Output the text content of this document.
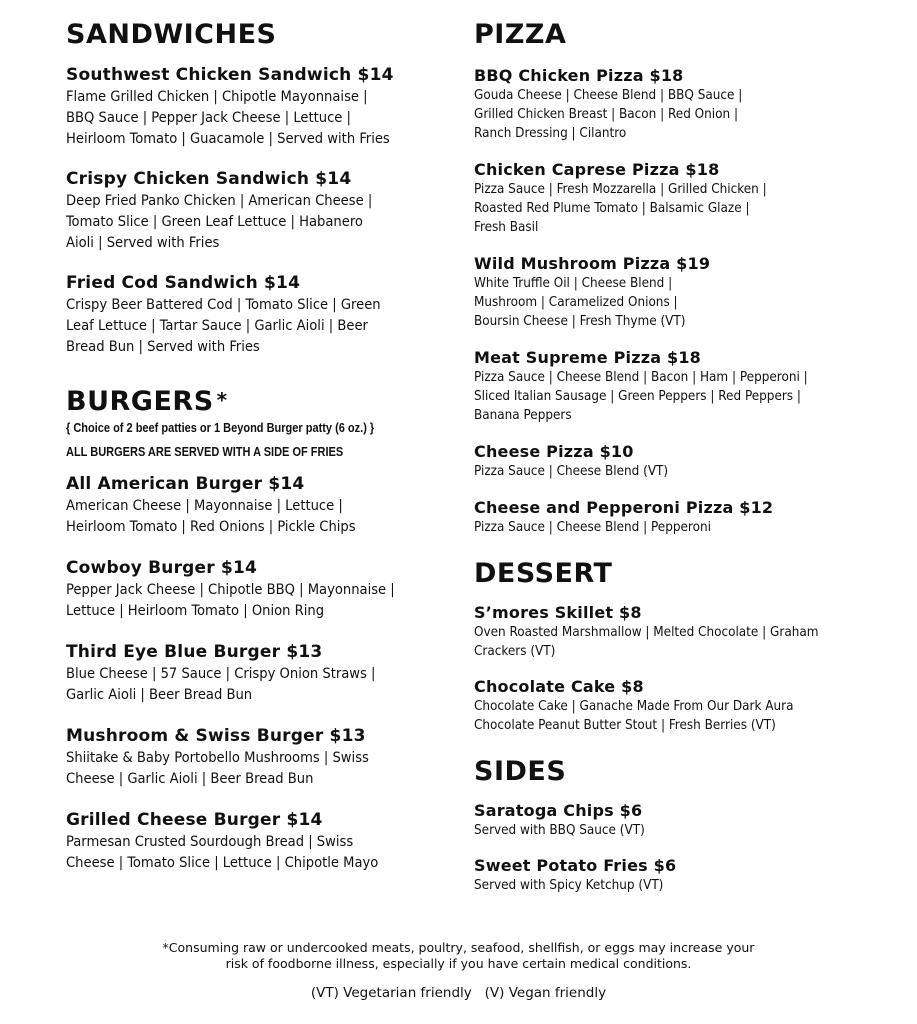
SANDWICHES
Southwest Chicken Sandwich $14
Flame Grilled Chicken | Chipotle Mayonnaise |
BBQ Sauce | Pepper Jack Cheese | Lettuce |
Heirloom Tomato | Guacamole | Served with Fries
Crispy Chicken Sandwich $14
Deep Fried Panko Chicken | American Cheese |
Tomato Slice | Green Leaf Lettuce | Habanero
Aioli | Served with Fries
Fried Cod Sandwich $14
Crispy Beer Battered Cod | Tomato Slice | Green
Leaf Lettuce | Tartar Sauce | Garlic Aioli | Beer
Bread Bun | Served with Fries
BURGERS *
{ Choice of 2 beef patties or 1 Beyond Burger patty (6 oz.) }
ALL BURGERS ARE SERVED WITH A SIDE OF FRIES
All American Burger $14
American Cheese | Mayonnaise | Lettuce |
Heirloom Tomato | Red Onions | Pickle Chips
Cowboy Burger $14
Pepper Jack Cheese | Chipotle BBQ | Mayonnaise |
Lettuce | Heirloom Tomato | Onion Ring
Third Eye Blue Burger $13
Blue Cheese | 57 Sauce | Crispy Onion Straws |
Garlic Aioli | Beer Bread Bun
Mushroom & Swiss Burger $13
Shiitake & Baby Portobello Mushrooms | Swiss
Cheese | Garlic Aioli | Beer Bread Bun
Grilled Cheese Burger $14
Parmesan Crusted Sourdough Bread | Swiss
Cheese | Tomato Slice | Lettuce | Chipotle Mayo
PIZZA
BBQ Chicken Pizza $18
Gouda Cheese | Cheese Blend | BBQ Sauce |
Grilled Chicken Breast | Bacon | Red Onion |
Ranch Dressing | Cilantro
Chicken Caprese Pizza $18
Pizza Sauce | Fresh Mozzarella | Grilled Chicken |
Roasted Red Plume Tomato | Balsamic Glaze |
Fresh Basil
Wild Mushroom Pizza $19
White Truffle Oil | Cheese Blend |
Mushroom | Caramelized Onions |
Boursin Cheese | Fresh Thyme (VT)
Meat Supreme Pizza $18
Pizza Sauce | Cheese Blend | Bacon | Ham | Pepperoni |
Sliced Italian Sausage | Green Peppers | Red Peppers |
Banana Peppers
Cheese Pizza $10
Pizza Sauce | Cheese Blend (VT)
Cheese and Pepperoni Pizza $12
Pizza Sauce | Cheese Blend | Pepperoni
DESSERT
S’mores Skillet $8
Oven Roasted Marshmallow | Melted Chocolate | Graham
Crackers (VT)
Chocolate Cake $8
Chocolate Cake | Ganache Made From Our Dark Aura
Chocolate Peanut Butter Stout | Fresh Berries (VT)
SIDES
Saratoga Chips $6
Served with BBQ Sauce (VT)
Sweet Potato Fries $6
Served with Spicy Ketchup (VT)
*Consuming raw or undercooked meats, poultry, seafood, shellfish, or eggs may increase your
risk of foodborne illness, especially if you have certain medical conditions.
(VT) Vegetarian friendly   (V) Vegan friendly
